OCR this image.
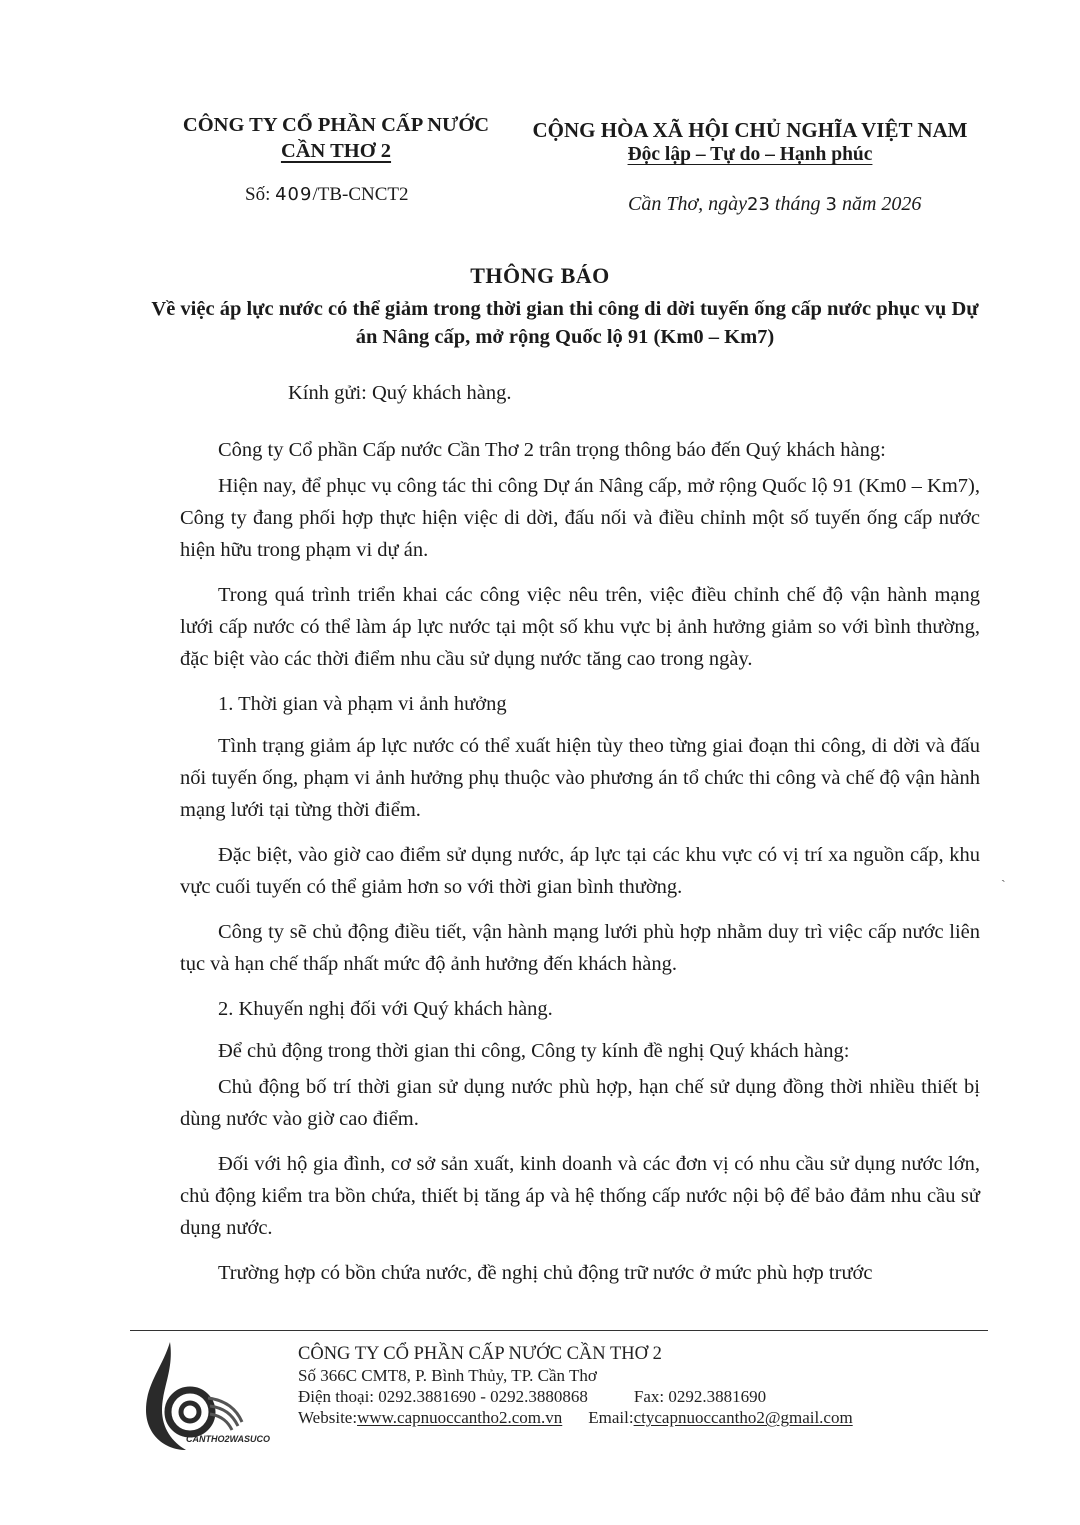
CÔNG TY CỔ PHẦN CẤP NƯỚC
CẦN THƠ 2
CỘNG HÒA XÃ HỘI CHỦ NGHĨA VIỆT NAM
Độc lập – Tự do – Hạnh phúc
Số: 409/TB-CNCT2	Cần Thơ, ngày23 tháng 3 năm 2026
THÔNG BÁO
Về việc áp lực nước có thể giảm trong thời gian thi công di dời tuyến ống cấp nước phục vụ Dự án Nâng cấp, mở rộng Quốc lộ 91 (Km0 – Km7)
Kính gửi: Quý khách hàng.

Công ty Cổ phần Cấp nước Cần Thơ 2 trân trọng thông báo đến Quý khách hàng:

Hiện nay, để phục vụ công tác thi công Dự án Nâng cấp, mở rộng Quốc lộ 91 (Km0 – Km7), Công ty đang phối hợp thực hiện việc di dời, đấu nối và điều chỉnh một số tuyến ống cấp nước hiện hữu trong phạm vi dự án.

Trong quá trình triển khai các công việc nêu trên, việc điều chỉnh chế độ vận hành mạng lưới cấp nước có thể làm áp lực nước tại một số khu vực bị ảnh hưởng giảm so với bình thường, đặc biệt vào các thời điểm nhu cầu sử dụng nước tăng cao trong ngày.

1. Thời gian và phạm vi ảnh hưởng

Tình trạng giảm áp lực nước có thể xuất hiện tùy theo từng giai đoạn thi công, di dời và đấu nối tuyến ống, phạm vi ảnh hưởng phụ thuộc vào phương án tổ chức thi công và chế độ vận hành mạng lưới tại từng thời điểm.

Đặc biệt, vào giờ cao điểm sử dụng nước, áp lực tại các khu vực có vị trí xa nguồn cấp, khu vực cuối tuyến có thể giảm hơn so với thời gian bình thường.

Công ty sẽ chủ động điều tiết, vận hành mạng lưới phù hợp nhằm duy trì việc cấp nước liên tục và hạn chế thấp nhất mức độ ảnh hưởng đến khách hàng.

2. Khuyến nghị đối với Quý khách hàng.

Để chủ động trong thời gian thi công, Công ty kính đề nghị Quý khách hàng:

Chủ động bố trí thời gian sử dụng nước phù hợp, hạn chế sử dụng đồng thời nhiều thiết bị dùng nước vào giờ cao điểm.

Đối với hộ gia đình, cơ sở sản xuất, kinh doanh và các đơn vị có nhu cầu sử dụng nước lớn, chủ động kiểm tra bồn chứa, thiết bị tăng áp và hệ thống cấp nước nội bộ để bảo đảm nhu cầu sử dụng nước.

Trường hợp có bồn chứa nước, đề nghị chủ động trữ nước ở mức phù hợp trước

ˎ
CANTHO2WASUCO
CÔNG TY CỔ PHẦN CẤP NƯỚC CẦN THƠ 2
Số 366C CMT8, P. Bình Thủy, TP. Cần Thơ
Điện thoại: 0292.3881690 - 0292.3880868	Fax: 0292.3881690
Website:www.capnuoccantho2.com.vn Email:ctycapnuoccantho2@gmail.com
